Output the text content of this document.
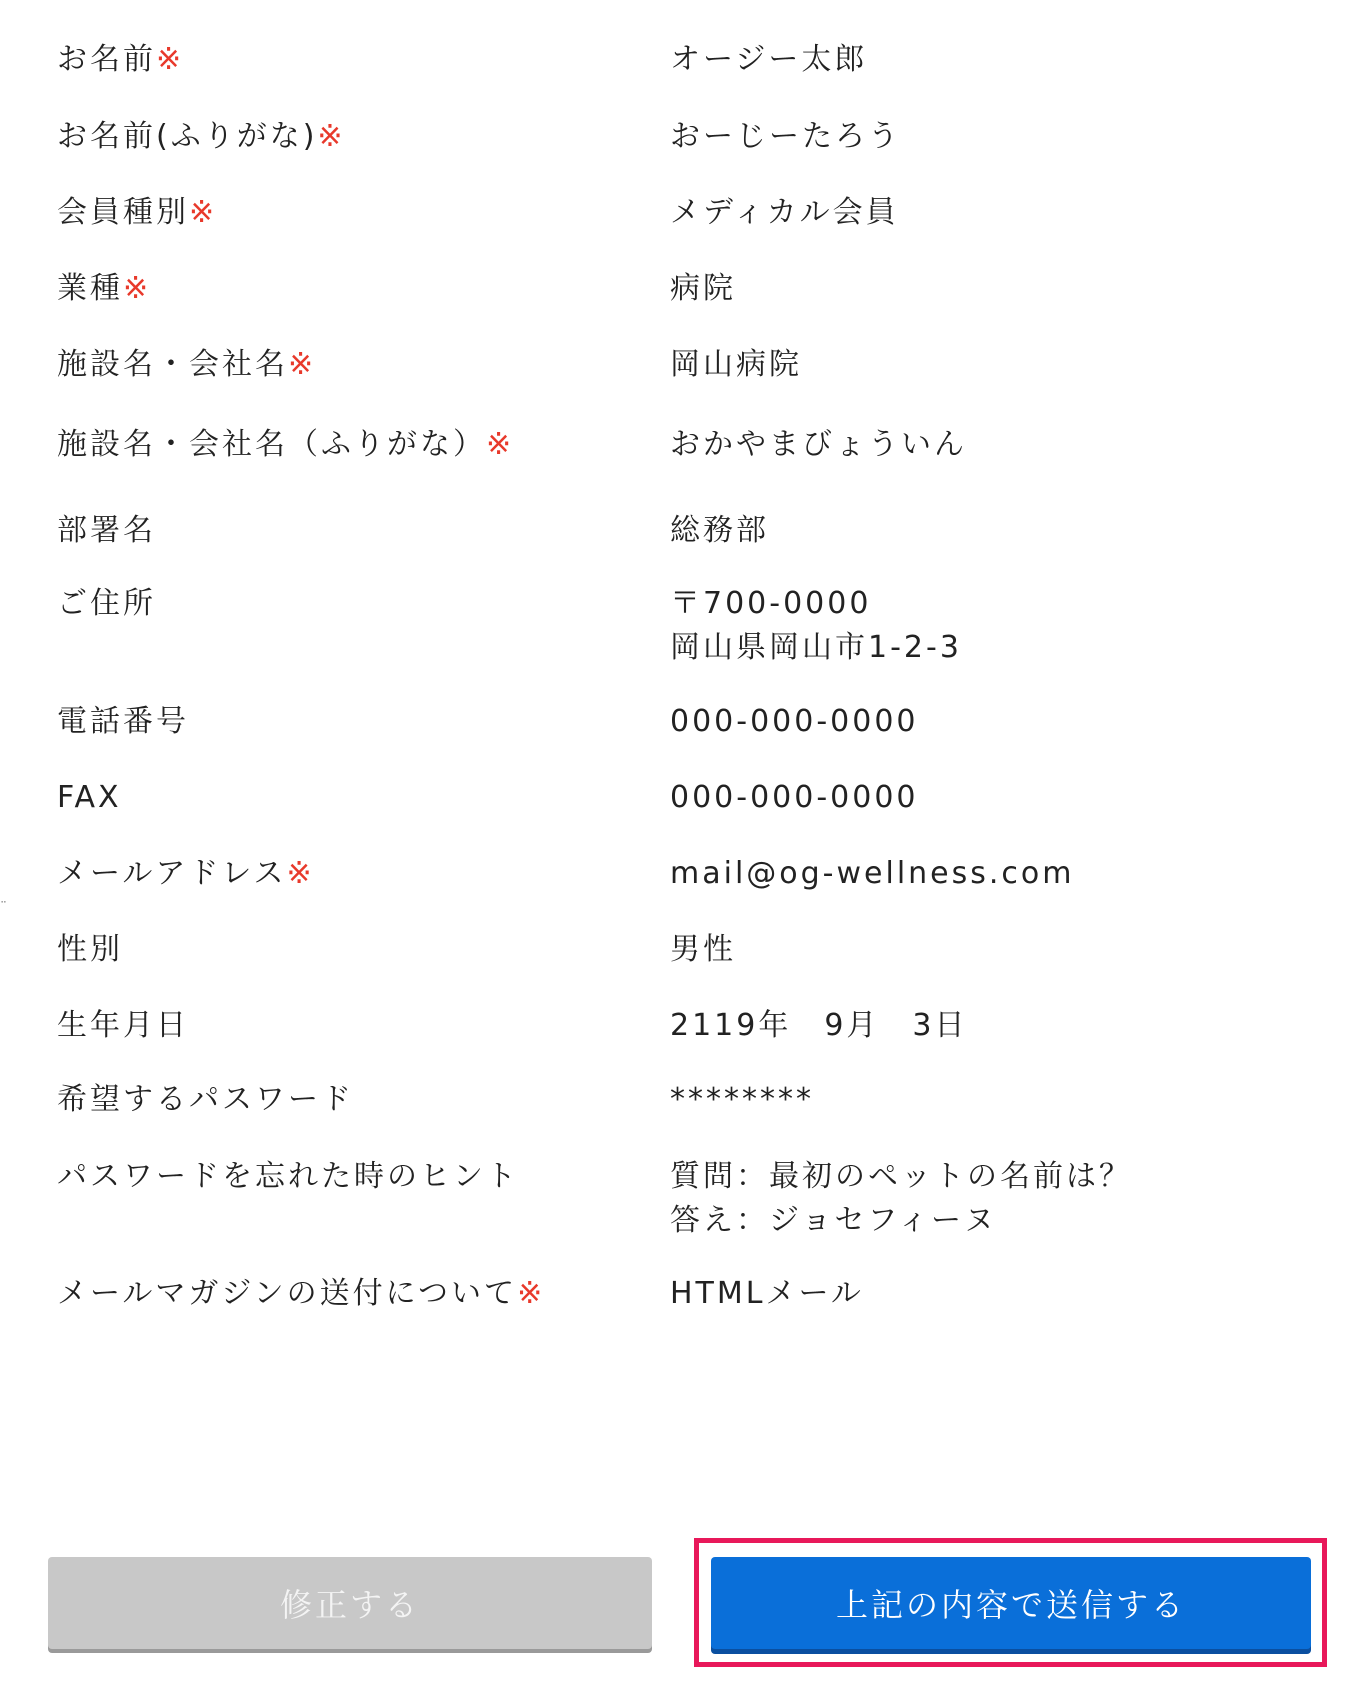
お名前※	オージー太郎
お名前(ふりがな)※	おーじーたろう
会員種別※	メディカル会員
業種※	病院
施設名・会社名※	岡山病院
施設名・会社名（ふりがな）※	おかやまびょういん
部署名	総務部
ご住所	〒700-0000
岡山県岡山市1-2-3
電話番号	000-000-0000
FAX	000-000-0000
メールアドレス※	mail@og-wellness.com
性別	男性
生年月日	2119年　9月　3日
希望するパスワード	********
パスワードを忘れた時のヒント	質問：最初のペットの名前は？
答え：ジョセフィーヌ
メールマガジンの送付について※	HTMLメール
¨
修正する	上記の内容で送信する
